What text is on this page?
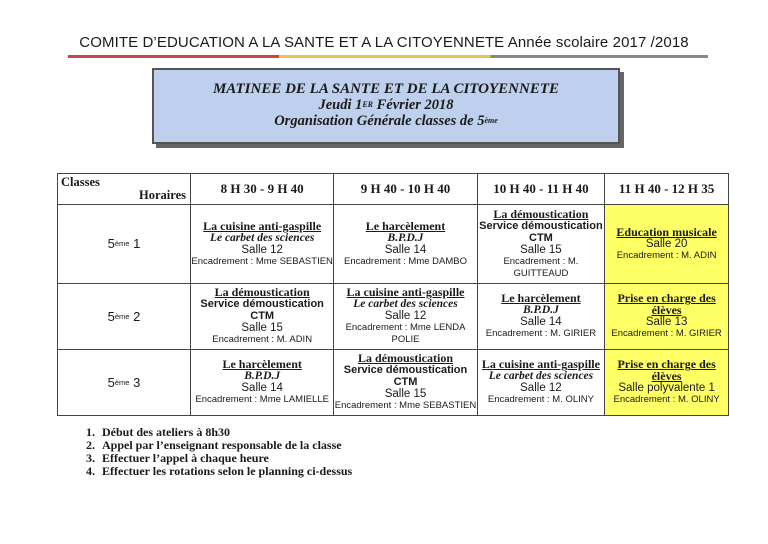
COMITE D’EDUCATION A LA SANTE ET A LA CITOYENNETE Année scolaire 2017 /2018
MATINEE DE LA SANTE ET DE LA CITOYENNETE
Jeudi 1ER Février 2018
Organisation Générale classes de 5ème
Classes
Horaires	8 H 30 - 9 H 40	9 H 40 - 10 H 40	10 H 40 - 11 H 40	11 H 40 - 12 H 35
5ème 1	La cuisine anti-gaspille
Le carbet des sciences
Salle 12
Encadrement : Mme SEBASTIEN	Le harcèlement
B.P.D.J
Salle 14
Encadrement : Mme DAMBO	La démoustication
Service démoustication
CTM
Salle 15
Encadrement : M. GUITTEAUD	Education musicale
Salle 20
Encadrement : M. ADIN

5ème 2	La démoustication
Service démoustication CTM
Salle 15
Encadrement : M. ADIN	La cuisine anti-gaspille
Le carbet des sciences
Salle 12
Encadrement : Mme LENDA POLIE	Le harcèlement
B.P.D.J
Salle 14
Encadrement : M. GIRIER	Prise en charge des élèves
Salle 13
Encadrement : M. GIRIER

5ème 3	Le harcèlement
B.P.D.J
Salle 14
Encadrement : Mme LAMIELLE	La démoustication
Service démoustication CTM
Salle 15
Encadrement : Mme SEBASTIEN	La cuisine anti-gaspille
Le carbet des sciences
Salle 12
Encadrement : M. OLINY	Prise en charge des élèves
Salle polyvalente 1
Encadrement : M. OLINY
1. Début des ateliers à 8h30
2. Appel par l’enseignant responsable de la classe
3. Effectuer l’appel à chaque heure
4. Effectuer les rotations selon le planning ci-dessus
